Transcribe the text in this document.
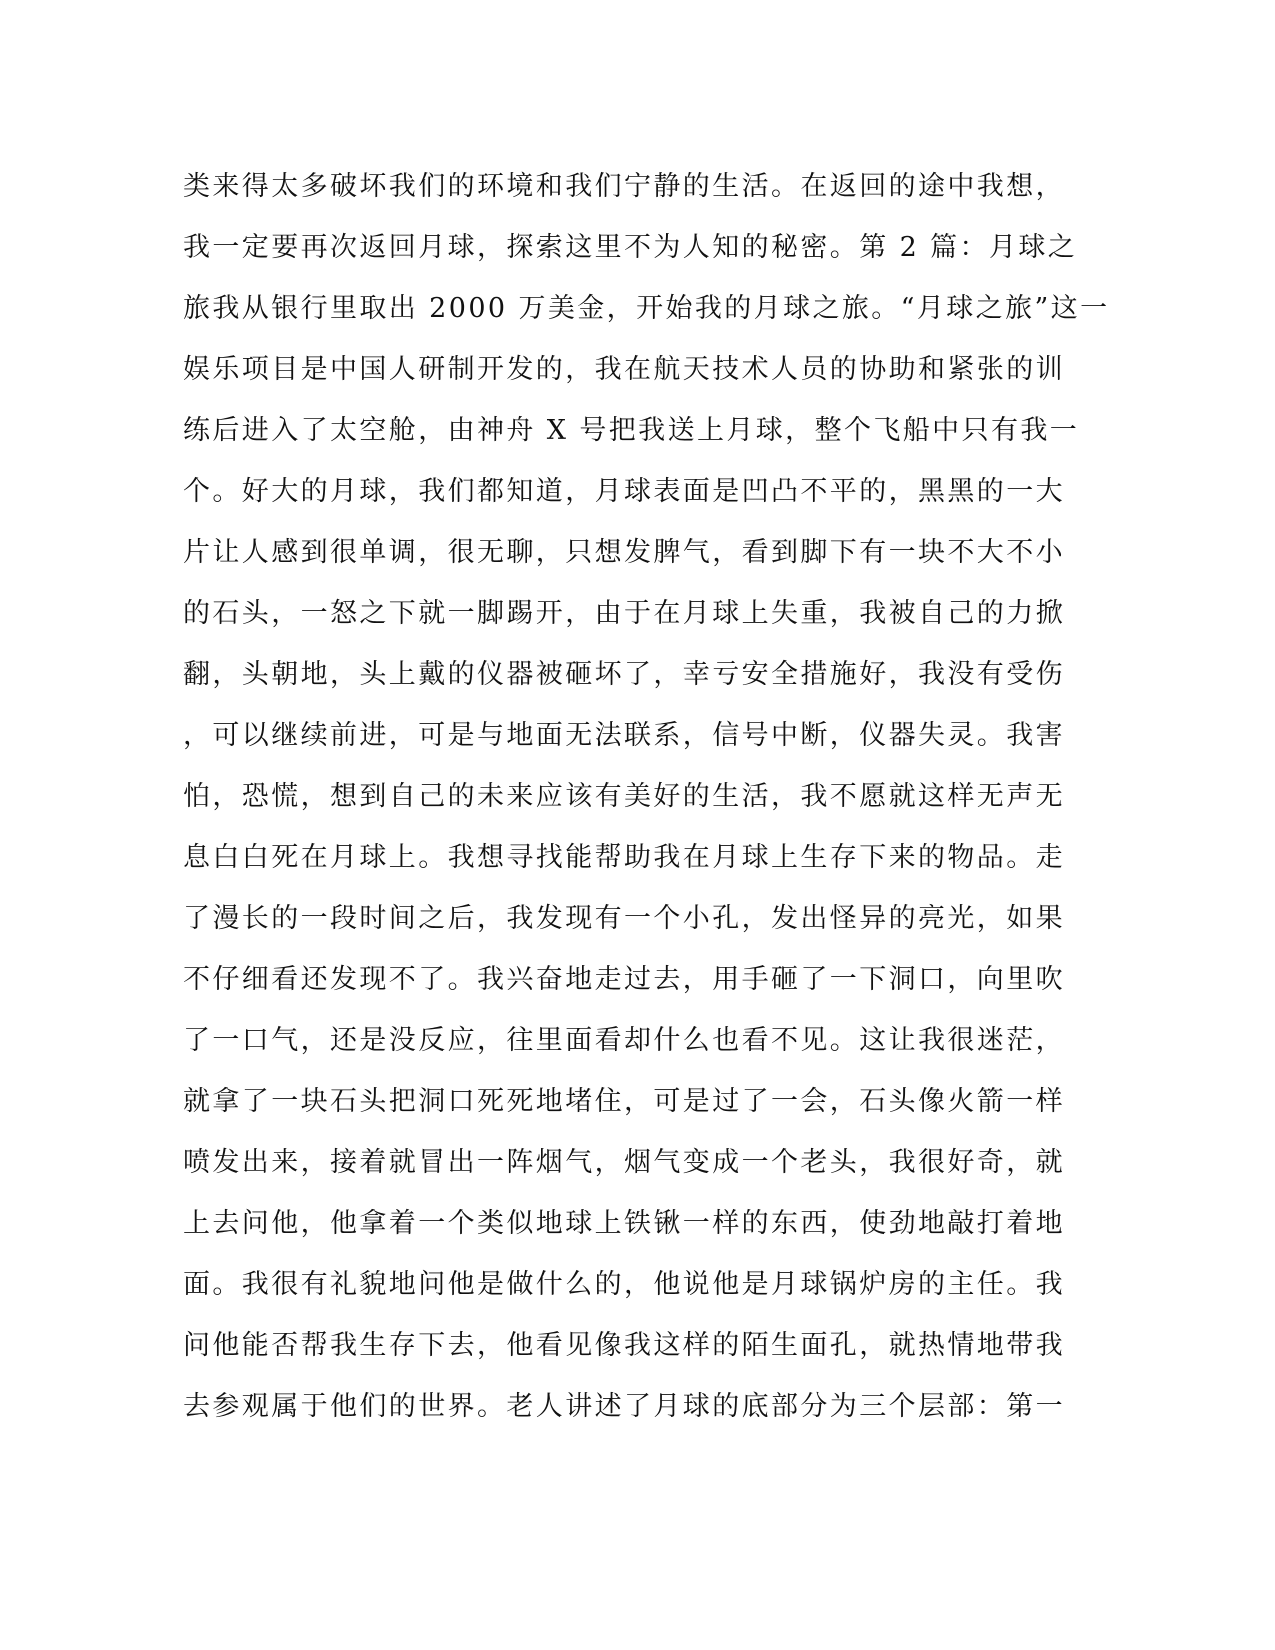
类来得太多破坏我们的环境和我们宁静的生活。在返回的途中我想，
我一定要再次返回月球，探索这里不为人知的秘密。第 2 篇：月球之
旅我从银行里取出 2000 万美金，开始我的月球之旅。“月球之旅”这一
娱乐项目是中国人研制开发的，我在航天技术人员的协助和紧张的训
练后进入了太空舱，由神舟 X 号把我送上月球，整个飞船中只有我一
个。好大的月球，我们都知道，月球表面是凹凸不平的，黑黑的一大
片让人感到很单调，很无聊，只想发脾气，看到脚下有一块不大不小
的石头，一怒之下就一脚踢开，由于在月球上失重，我被自己的力掀
翻，头朝地，头上戴的仪器被砸坏了，幸亏安全措施好，我没有受伤
，可以继续前进，可是与地面无法联系，信号中断，仪器失灵。我害
怕，恐慌，想到自己的未来应该有美好的生活，我不愿就这样无声无
息白白死在月球上。我想寻找能帮助我在月球上生存下来的物品。走
了漫长的一段时间之后，我发现有一个小孔，发出怪异的亮光，如果
不仔细看还发现不了。我兴奋地走过去，用手砸了一下洞口，向里吹
了一口气，还是没反应，往里面看却什么也看不见。这让我很迷茫，
就拿了一块石头把洞口死死地堵住，可是过了一会，石头像火箭一样
喷发出来，接着就冒出一阵烟气，烟气变成一个老头，我很好奇，就
上去问他，他拿着一个类似地球上铁锹一样的东西，使劲地敲打着地
面。我很有礼貌地问他是做什么的，他说他是月球锅炉房的主任。我
问他能否帮我生存下去，他看见像我这样的陌生面孔，就热情地带我
去参观属于他们的世界。老人讲述了月球的底部分为三个层部：第一
